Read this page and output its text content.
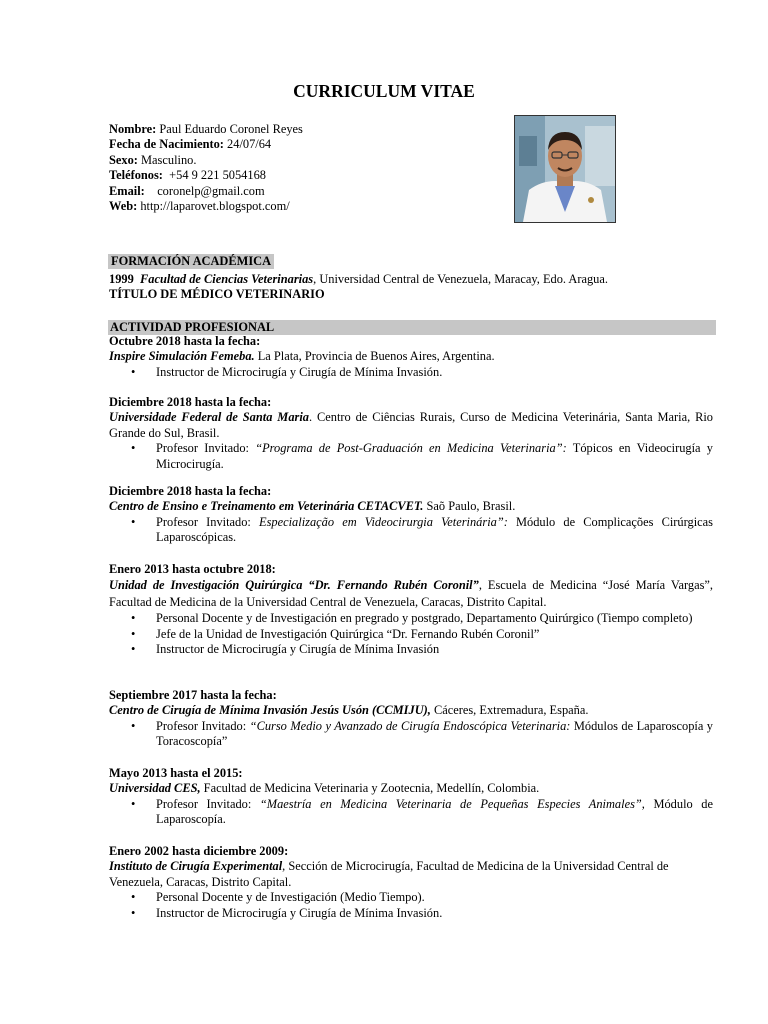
CURRICULUM VITAE
Nombre: Paul Eduardo Coronel Reyes
Fecha de Nacimiento: 24/07/64
Sexo: Masculino.
Teléfonos: +54 9 221 5054168
Email: coronelp@gmail.com
Web: http://laparovet.blogspot.com/
FORMACIÓN ACADÉMICA

1999 Facultad de Ciencias Veterinarias, Universidad Central de Venezuela, Maracay, Edo. Aragua.

TÍTULO DE MÉDICO VETERINARIO

ACTIVIDAD PROFESIONAL

Octubre 2018 hasta la fecha:

Inspire Simulación Femeba. La Plata, Provincia de Buenos Aires, Argentina.

• Instructor de Microcirugía y Cirugía de Mínima Invasión.

Diciembre 2018 hasta la fecha:

Universidade Federal de Santa Maria. Centro de Ciências Rurais, Curso de Medicina Veterinária, Santa Maria, Rio Grande do Sul, Brasil.

• Profesor Invitado: “Programa de Post-Graduación en Medicina Veterinaria”: Tópicos en Videocirugía y Microcirugía.

Diciembre 2018 hasta la fecha:

Centro de Ensino e Treinamento em Veterinária CETACVET. Saõ Paulo, Brasil.

• Profesor Invitado: Especialização em Videocirurgia Veterinária”: Módulo de Complicações Cirúrgicas Laparoscópicas.

Enero 2013 hasta octubre 2018:

Unidad de Investigación Quirúrgica “Dr. Fernando Rubén Coronil”, Escuela de Medicina “José María Vargas”, Facultad de Medicina de la Universidad Central de Venezuela, Caracas, Distrito Capital.

• Personal Docente y de Investigación en pregrado y postgrado, Departamento Quirúrgico (Tiempo completo)
• Jefe de la Unidad de Investigación Quirúrgica “Dr. Fernando Rubén Coronil”
• Instructor de Microcirugía y Cirugía de Mínima Invasión

Septiembre 2017 hasta la fecha:

Centro de Cirugía de Mínima Invasión Jesús Usón (CCMIJU), Cáceres, Extremadura, España.

• Profesor Invitado: “Curso Medio y Avanzado de Cirugía Endoscópica Veterinaria: Módulos de Laparoscopía y Toracoscopía”

Mayo 2013 hasta el 2015:

Universidad CES, Facultad de Medicina Veterinaria y Zootecnia, Medellín, Colombia.

• Profesor Invitado: “Maestría en Medicina Veterinaria de Pequeñas Especies Animales”, Módulo de Laparoscopía.

Enero 2002 hasta diciembre 2009:

Instituto de Cirugía Experimental, Sección de Microcirugía, Facultad de Medicina de la Universidad Central de Venezuela, Caracas, Distrito Capital.

• Personal Docente y de Investigación (Medio Tiempo).
• Instructor de Microcirugía y Cirugía de Mínima Invasión.
